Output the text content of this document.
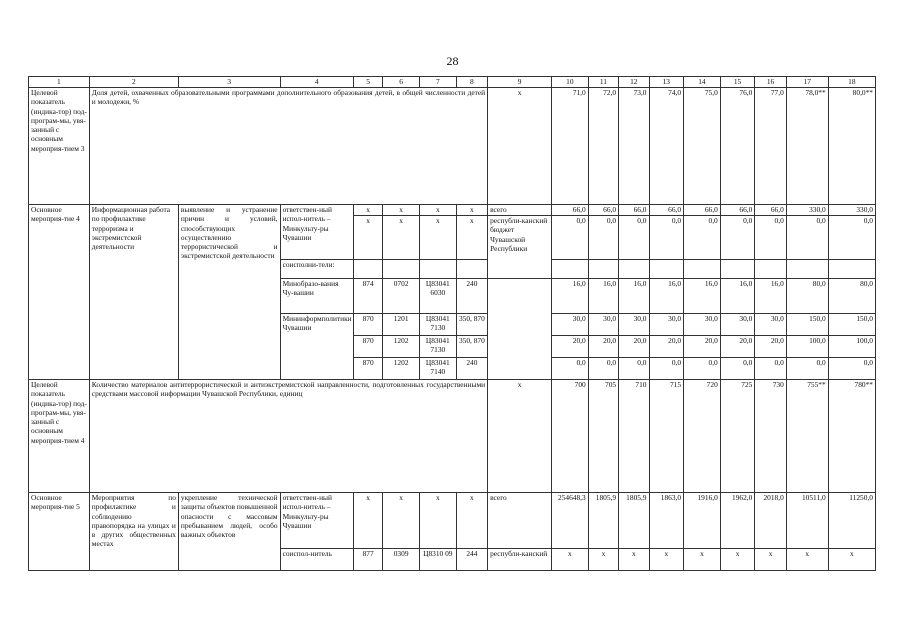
28
1	2	3	4	5	6	7	8	9	10	11	12	13	14	15	16	17	18
Целевой показатель (индика-тор) под-програм-мы, увя-занный с основным мероприя-тием 3	Доля детей, охваченных образовательными программами дополнительного образования детей, в общей численности детей и молодежи, %							x	71,0	72,0	73,0	74,0	75,0	76,0	77,0	78,0**	80,0**
Основное мероприя-тие 4	Информационная работа по профилактике терроризма и экстремистской деятельности	выявление и устранение причин и условий, способствующих осуществлению террористической и экстремистской деятельности	ответствен-ный испол-нитель – Минкульту-ры Чувашии	x	x	x	x	всего	66,0	66,0	66,0	66,0	66,0	66,0	66,0	330,0	330,0
				x	x	x	x	республи-канский бюджет Чувашской Республики	0,0	0,0	0,0	0,0	0,0	0,0	0,0	0,0	0,0
			соисполни-тели:														
			Минобразо-вания Чу-вашии	874	0702	Ц83041 6030	240		16,0	16,0	16,0	16,0	16,0	16,0	16,0	80,0	80,0
			Мининформполитики Чувашии	870	1201	Ц83041 7130	350, 870		30,0	30,0	30,0	30,0	30,0	30,0	30,0	150,0	150,0
				870	1202	Ц83041 7130	350, 870		20,0	20,0	20,0	20,0	20,0	20,0	20,0	100,0	100,0
				870	1202	Ц83041 7140	240		0,0	0,0	0,0	0,0	0,0	0,0	0,0	0,0	0,0
Целевой показатель (индика-тор) под-програм-мы, увя-занный с основным мероприя-тием 4	Количество материалов антитеррористической и антиэкстремистской направленности, подготовленных государственными средствами массовой информации Чувашской Республики, единиц							x	700	705	710	715	720	725	730	755**	780**
Основное мероприя-тие 5	Мероприятия по профилактике и соблюдению правопорядка на улицах и в других общественных местах	укрепление технической защиты объектов повышенной опасности с массовым пребыванием людей, особо важных объектов	ответствен-ный испол-нитель – Минкульту-ры Чувашии	x	x	x	x	всего	254648,3	1805,9	1805,9	1863,0	1916,0	1962,0	2018,0	10511,0	11250,0
			соиспол-нитель	877	0309	Ц8310 09	244	республи-канский	x	x	x	x	x	x	x	x	x
